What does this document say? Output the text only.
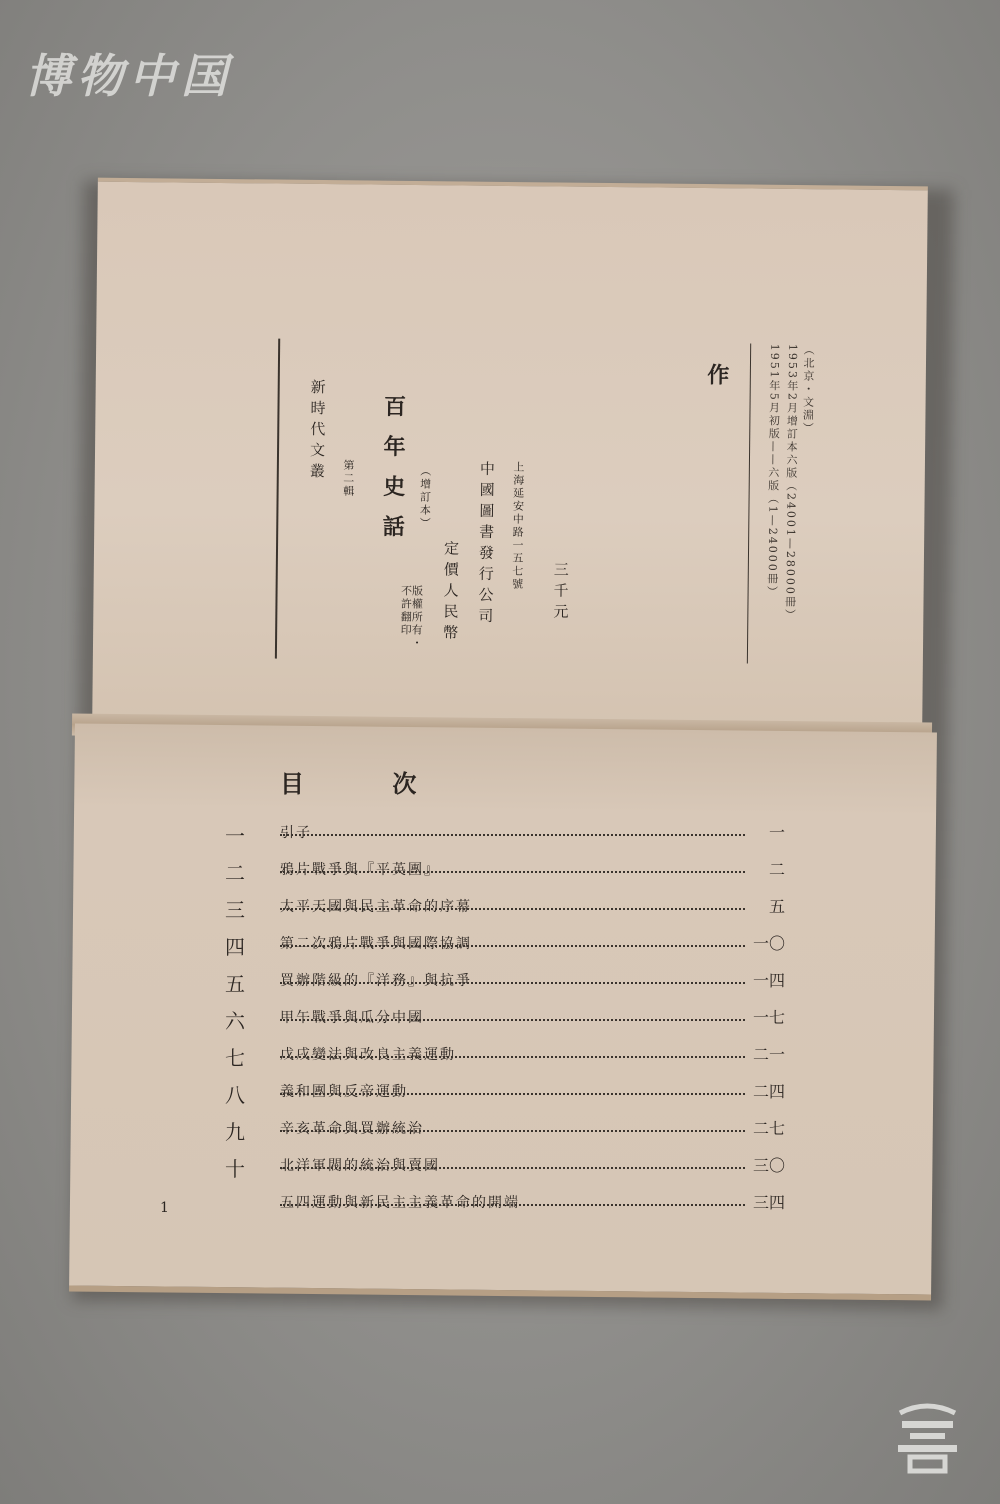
博物中国
作
新時代文叢 第二輯 百年史話 （增訂本）	中國圖書發行公司 上海延安中路一五七號
定價人民幣	三千元
版權所有・不許翻印
1951年5月初版——六版（1—24000冊） 1953年2月增訂本六版（24001—28000冊） （北京・文淵）
目 次
一	引子	一
二	鴉片戰爭與『平英團』	二
三	太平天國與民主革命的序幕	五
四	第二次鴉片戰爭與國際協調	一〇
五	買辦階級的『洋務』與抗爭	一四
六	甲午戰爭與瓜分中國	一七
七	戊戌變法與改良主義運動	二一
八	義和團與反帝運動	二四
九	辛亥革命與買辦統治	二七
十	北洋軍閥的統治與賣國	三〇
五四運動與新民主主義革命的開端	三四
1
